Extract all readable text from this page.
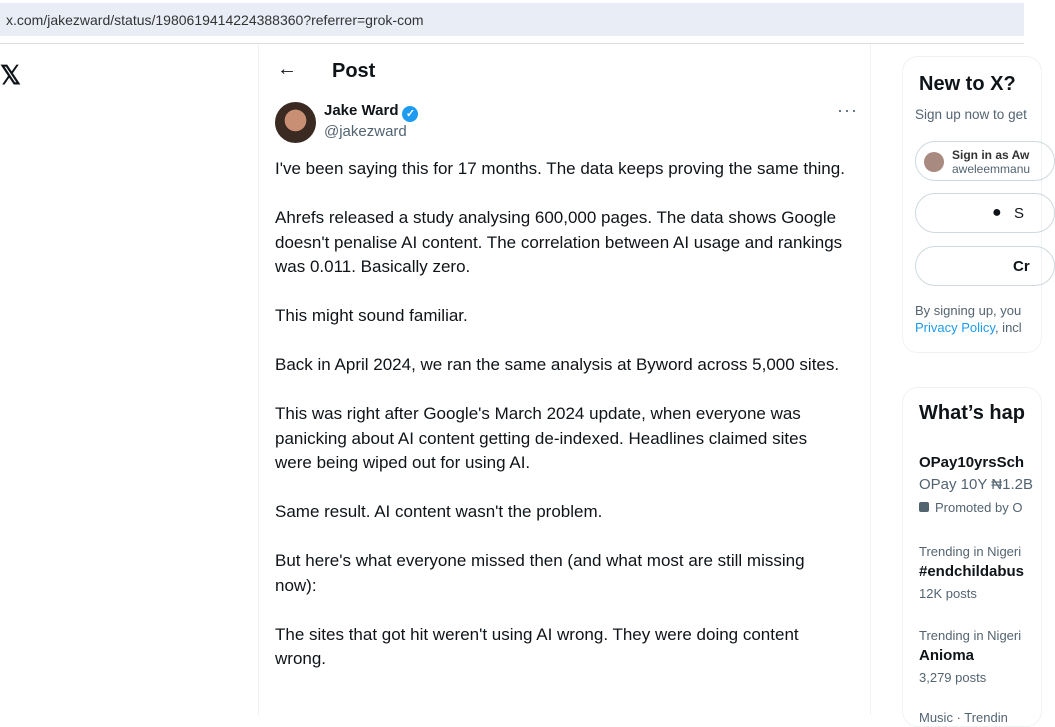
x.com/jakezward/status/1980619414224388360?referrer=grok-com
𝕏	← Post
Jake Ward ✓
@jakezward
···

I've been saying this for 17 months. The data keeps proving the same thing.

Ahrefs released a study analysing 600,000 pages. The data shows Google doesn't penalise AI content. The correlation between AI usage and rankings was 0.011. Basically zero.

This might sound familiar.

Back in April 2024, we ran the same analysis at Byword across 5,000 sites.

This was right after Google's March 2024 update, when everyone was panicking about AI content getting de-indexed. Headlines claimed sites were being wiped out for using AI.

Same result. AI content wasn't the problem.

But here's what everyone missed then (and what most are still missing now):

The sites that got hit weren't using AI wrong. They were doing content wrong.

New to X?
Sign up now to get
Sign in as Aw
aweleemmanu
● S
Cr
By signing up, you
Privacy Policy, incl
What’s hap
OPay10yrsSch
OPay 10Y ₦1.2B
Promoted by O
Trending in Nigeri
#endchildabus
12K posts
Trending in Nigeri
Anioma
3,279 posts
Music · Trendin
